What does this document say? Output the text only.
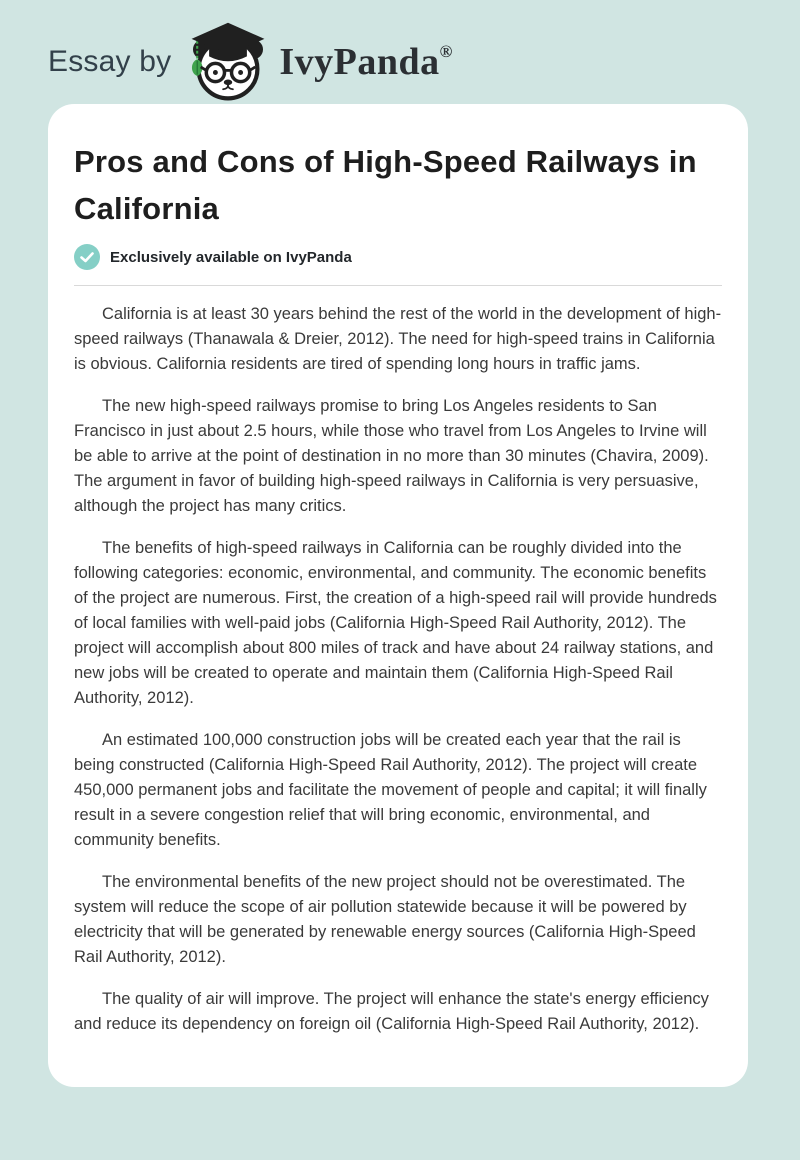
Essay by	IvyPanda®
Pros and Cons of High-Speed Railways in California
Exclusively available on IvyPanda

California is at least 30 years behind the rest of the world in the development of high-speed railways (Thanawala & Dreier, 2012). The need for high-speed trains in California is obvious. California residents are tired of spending long hours in traffic jams.

The new high-speed railways promise to bring Los Angeles residents to San Francisco in just about 2.5 hours, while those who travel from Los Angeles to Irvine will be able to arrive at the point of destination in no more than 30 minutes (Chavira, 2009). The argument in favor of building high-speed railways in California is very persuasive, although the project has many critics.

The benefits of high-speed railways in California can be roughly divided into the following categories: economic, environmental, and community. The economic benefits of the project are numerous. First, the creation of a high-speed rail will provide hundreds of local families with well-paid jobs (California High-Speed Rail Authority, 2012). The project will accomplish about 800 miles of track and have about 24 railway stations, and new jobs will be created to operate and maintain them (California High-Speed Rail Authority, 2012).

An estimated 100,000 construction jobs will be created each year that the rail is being constructed (California High-Speed Rail Authority, 2012). The project will create 450,000 permanent jobs and facilitate the movement of people and capital; it will finally result in a severe congestion relief that will bring economic, environmental, and community benefits.

The environmental benefits of the new project should not be overestimated. The system will reduce the scope of air pollution statewide because it will be powered by electricity that will be generated by renewable energy sources (California High-Speed Rail Authority, 2012).

The quality of air will improve. The project will enhance the state's energy efficiency and reduce its dependency on foreign oil (California High-Speed Rail Authority, 2012).
